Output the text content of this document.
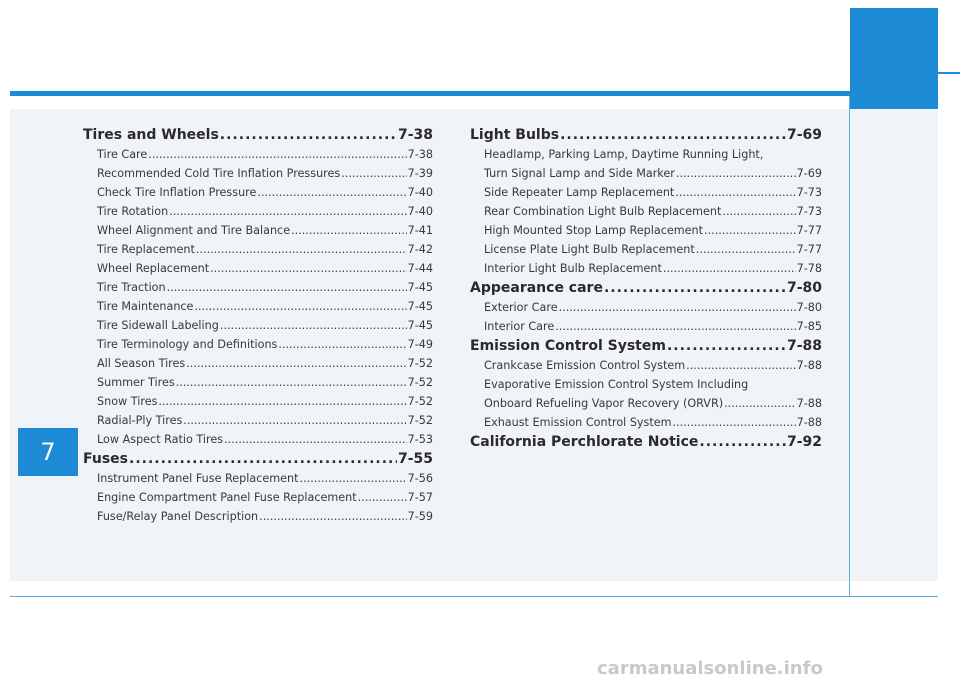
7
Tires and Wheels .....	7-38
Tire Care .....	7-38
Recommended Cold Tire Inflation Pressures .....	7-39
Check Tire Inflation Pressure .....	7-40
Tire Rotation .....	7-40
Wheel Alignment and Tire Balance .....	7-41
Tire Replacement .....	7-42
Wheel Replacement .....	7-44
Tire Traction .....	7-45
Tire Maintenance .....	7-45
Tire Sidewall Labeling .....	7-45
Tire Terminology and Definitions .....	7-49
All Season Tires .....	7-52
Summer Tires .....	7-52
Snow Tires .....	7-52
Radial-Ply Tires .....	7-52
Low Aspect Ratio Tires .....	7-53
Fuses .....	7-55
Instrument Panel Fuse Replacement .....	7-56
Engine Compartment Panel Fuse Replacement .....	7-57
Fuse/Relay Panel Description .....	7-59
Light Bulbs .....	7-69
Headlamp, Parking Lamp, Daytime Running Light,
Turn Signal Lamp and Side Marker .....	7-69
Side Repeater Lamp Replacement .....	7-73
Rear Combination Light Bulb Replacement .....	7-73
High Mounted Stop Lamp Replacement .....	7-77
License Plate Light Bulb Replacement .....	7-77
Interior Light Bulb Replacement .....	7-78
Appearance care .....	7-80
Exterior Care .....	7-80
Interior Care .....	7-85
Emission Control System .....	7-88
Crankcase Emission Control System .....	7-88
Evaporative Emission Control System Including
Onboard Refueling Vapor Recovery (ORVR) .....	7-88
Exhaust Emission Control System .....	7-88
California Perchlorate Notice .....	7-92
carmanualsonline.info
